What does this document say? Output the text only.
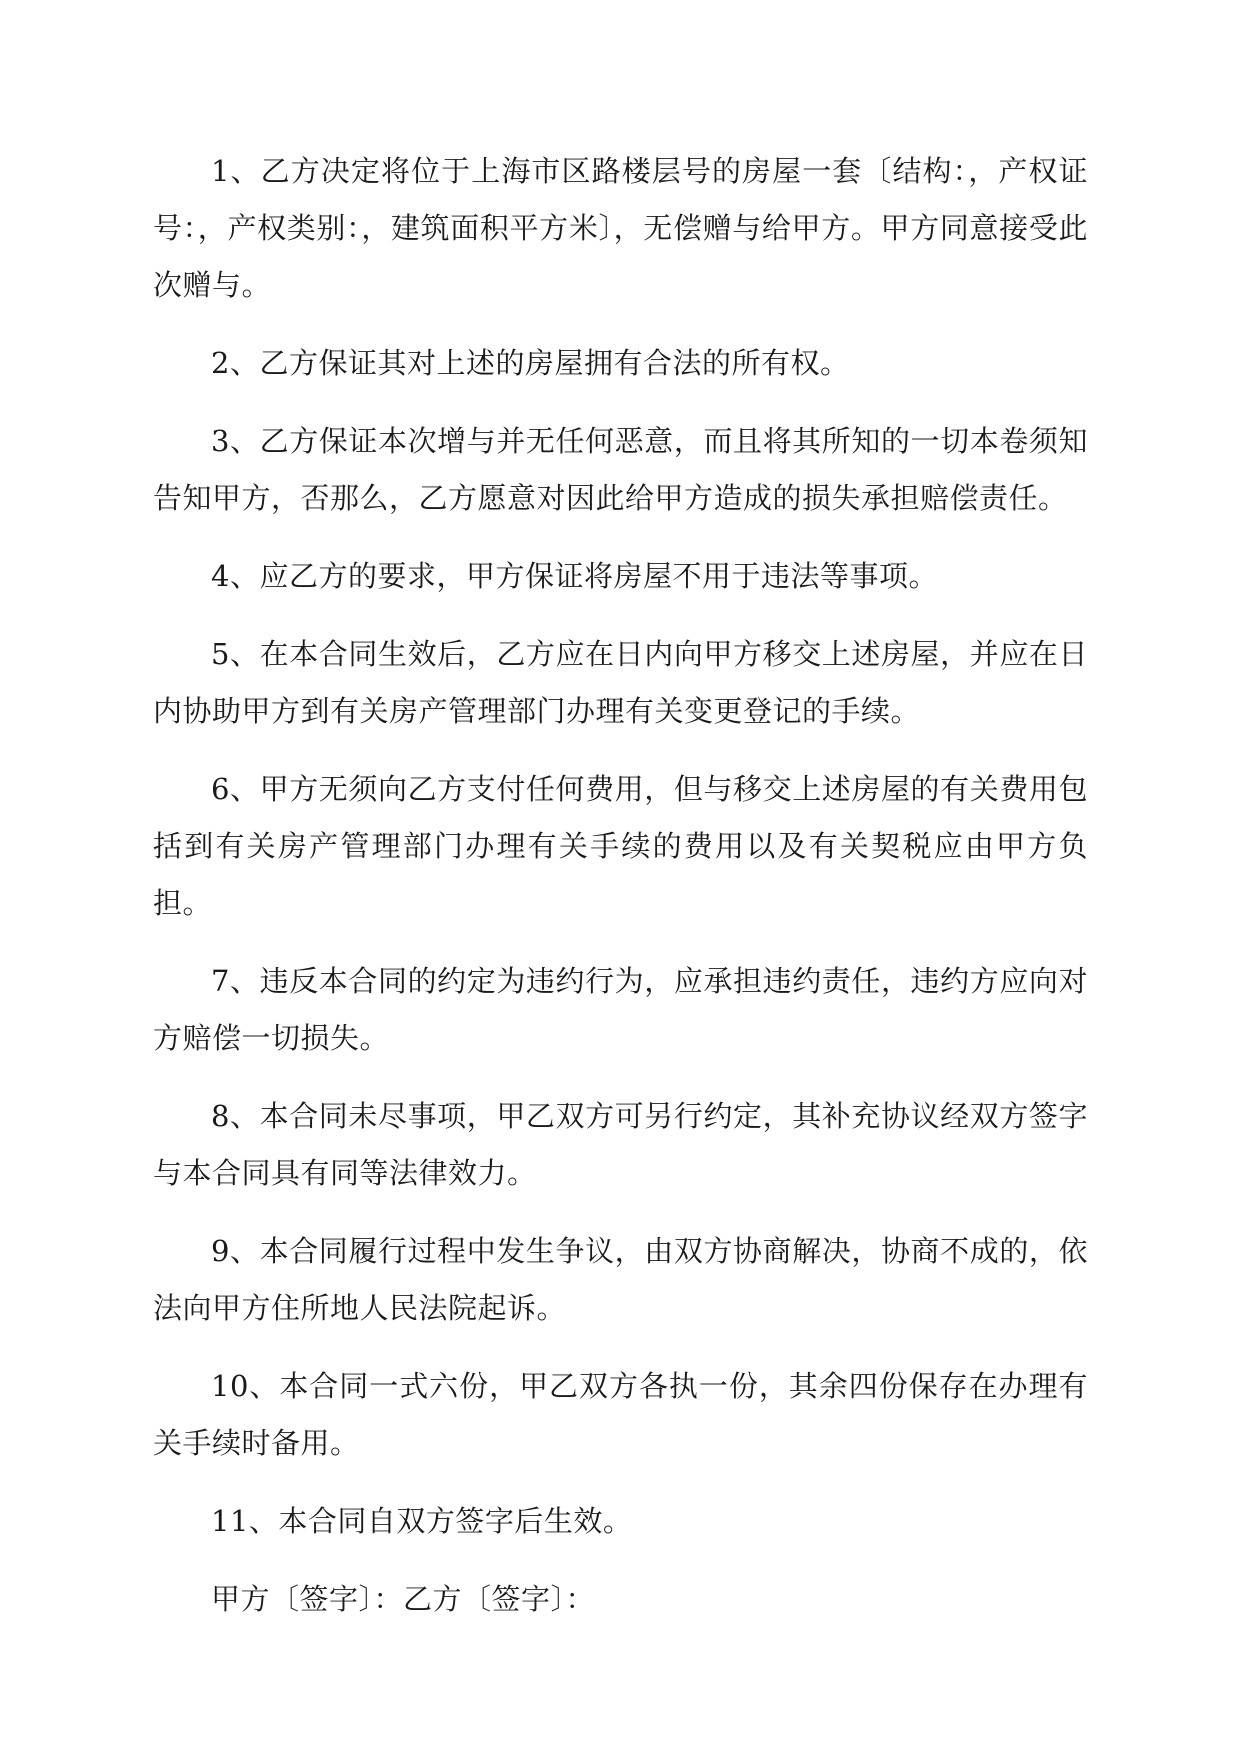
1、乙方决定将位于上海市区路楼层号的房屋一套〔结构：，产权证号：，产权类别：，建筑面积平方米〕，无偿赠与给甲方。甲方同意接受此次赠与。

2、乙方保证其对上述的房屋拥有合法的所有权。

3、乙方保证本次增与并无任何恶意，而且将其所知的一切本卷须知告知甲方，否那么，乙方愿意对因此给甲方造成的损失承担赔偿责任。

4、应乙方的要求，甲方保证将房屋不用于违法等事项。

5、在本合同生效后，乙方应在日内向甲方移交上述房屋，并应在日内协助甲方到有关房产管理部门办理有关变更登记的手续。

6、甲方无须向乙方支付任何费用，但与移交上述房屋的有关费用包括到有关房产管理部门办理有关手续的费用以及有关契税应由甲方负担。

7、违反本合同的约定为违约行为，应承担违约责任，违约方应向对方赔偿一切损失。

8、本合同未尽事项，甲乙双方可另行约定，其补充协议经双方签字与本合同具有同等法律效力。

9、本合同履行过程中发生争议，由双方协商解决，协商不成的，依法向甲方住所地人民法院起诉。

10、本合同一式六份，甲乙双方各执一份，其余四份保存在办理有关手续时备用。

11、本合同自双方签字后生效。

甲方〔签字〕：乙方〔签字〕：
